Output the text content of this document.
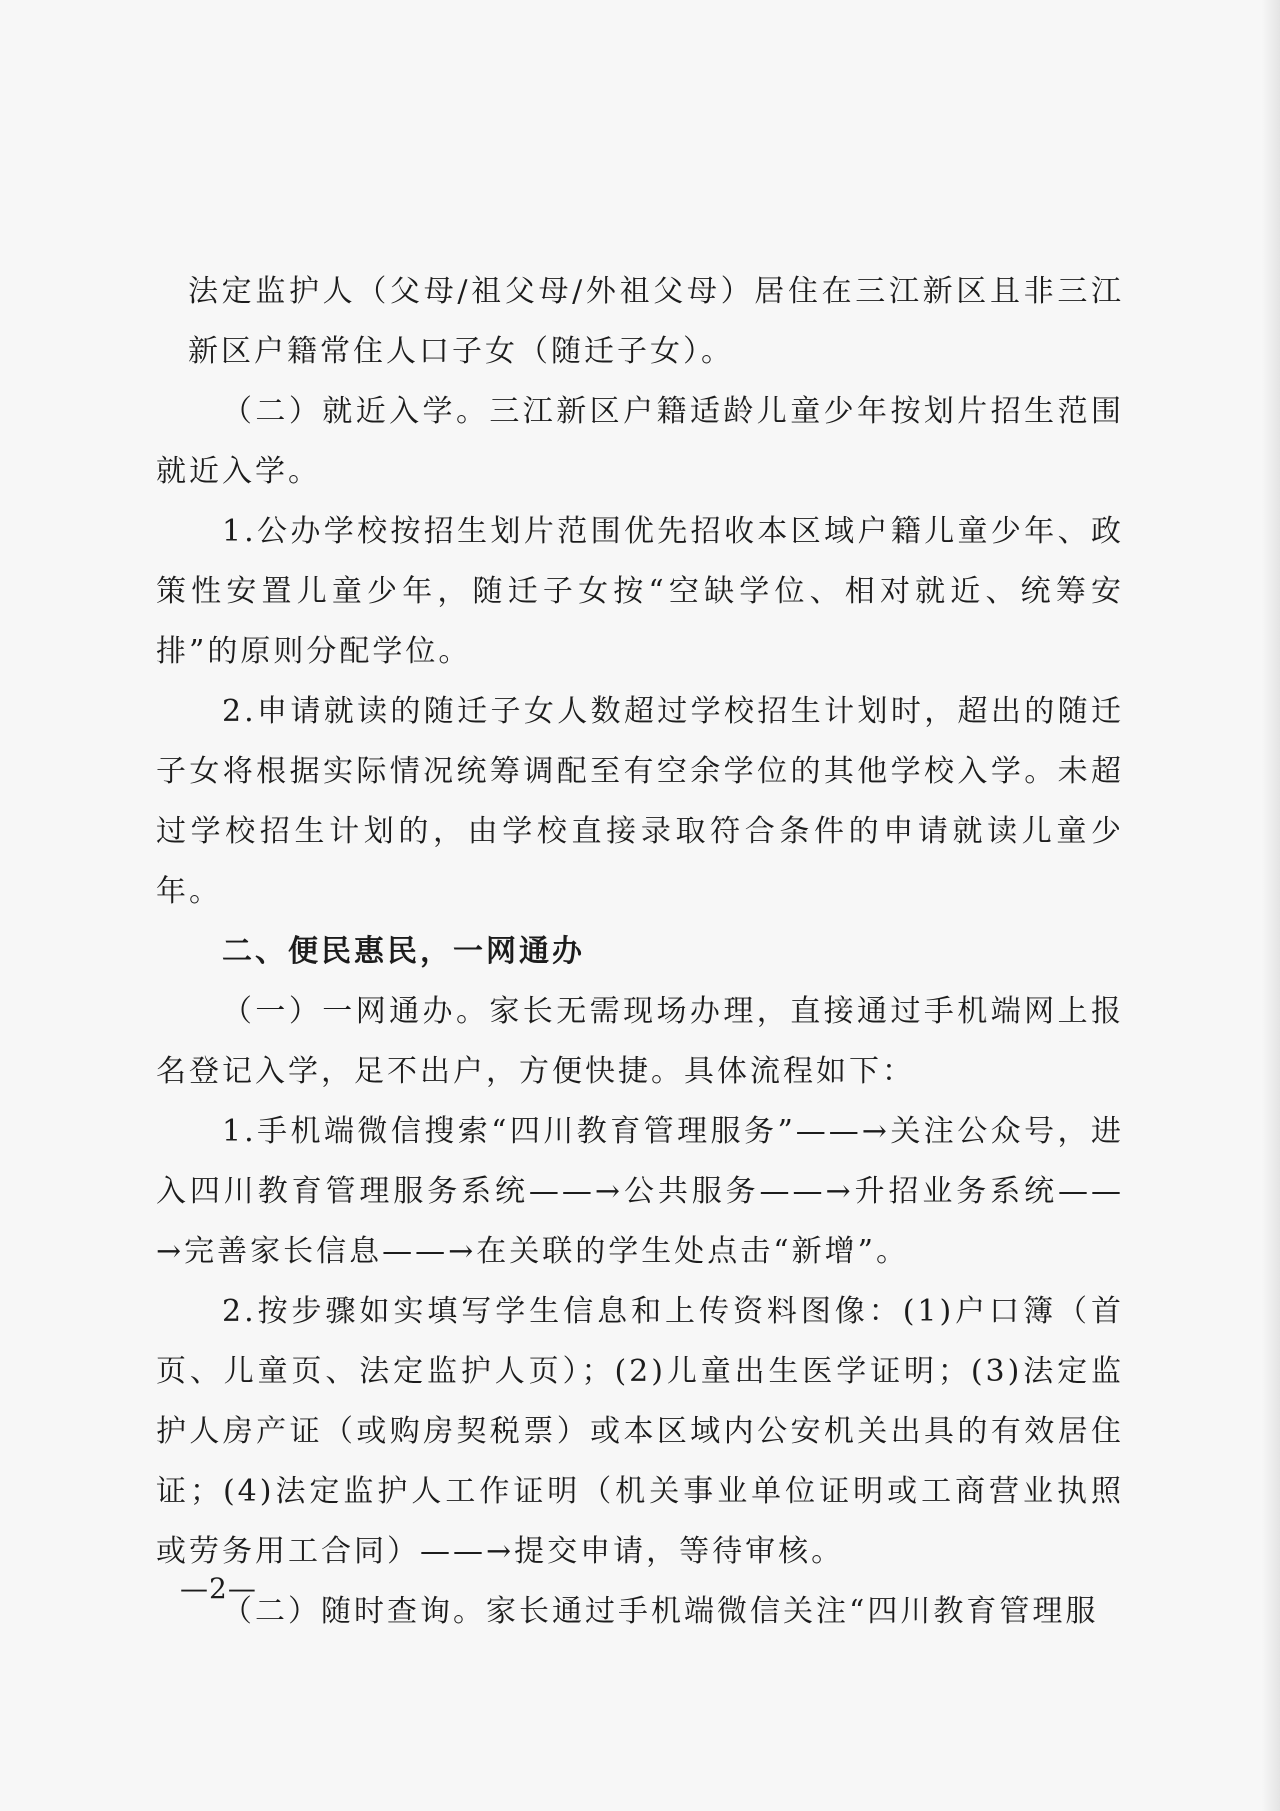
法定监护人（父母/祖父母/外祖父母）居住在三江新区且非三江新区户籍常住人口子女（随迁子女）。

（二）就近入学。三江新区户籍适龄儿童少年按划片招生范围就近入学。

1.公办学校按招生划片范围优先招收本区域户籍儿童少年、政策性安置儿童少年，随迁子女按“空缺学位、相对就近、统筹安排”的原则分配学位。

2.申请就读的随迁子女人数超过学校招生计划时，超出的随迁子女将根据实际情况统筹调配至有空余学位的其他学校入学。未超过学校招生计划的，由学校直接录取符合条件的申请就读儿童少年。

二、便民惠民，一网通办

（一）一网通办。家长无需现场办理，直接通过手机端网上报名登记入学，足不出户，方便快捷。具体流程如下：

1.手机端微信搜索“四川教育管理服务”——→关注公众号，进入四川教育管理服务系统——→公共服务——→升招业务系统——→完善家长信息——→在关联的学生处点击“新增”。

2.按步骤如实填写学生信息和上传资料图像：(1)户口簿（首页、儿童页、法定监护人页）；(2)儿童出生医学证明；(3)法定监护人房产证（或购房契税票）或本区域内公安机关出具的有效居住证；(4)法定监护人工作证明（机关事业单位证明或工商营业执照或劳务用工合同）——→提交申请，等待审核。

（二）随时查询。家长通过手机端微信关注“四川教育管理服

—2—
